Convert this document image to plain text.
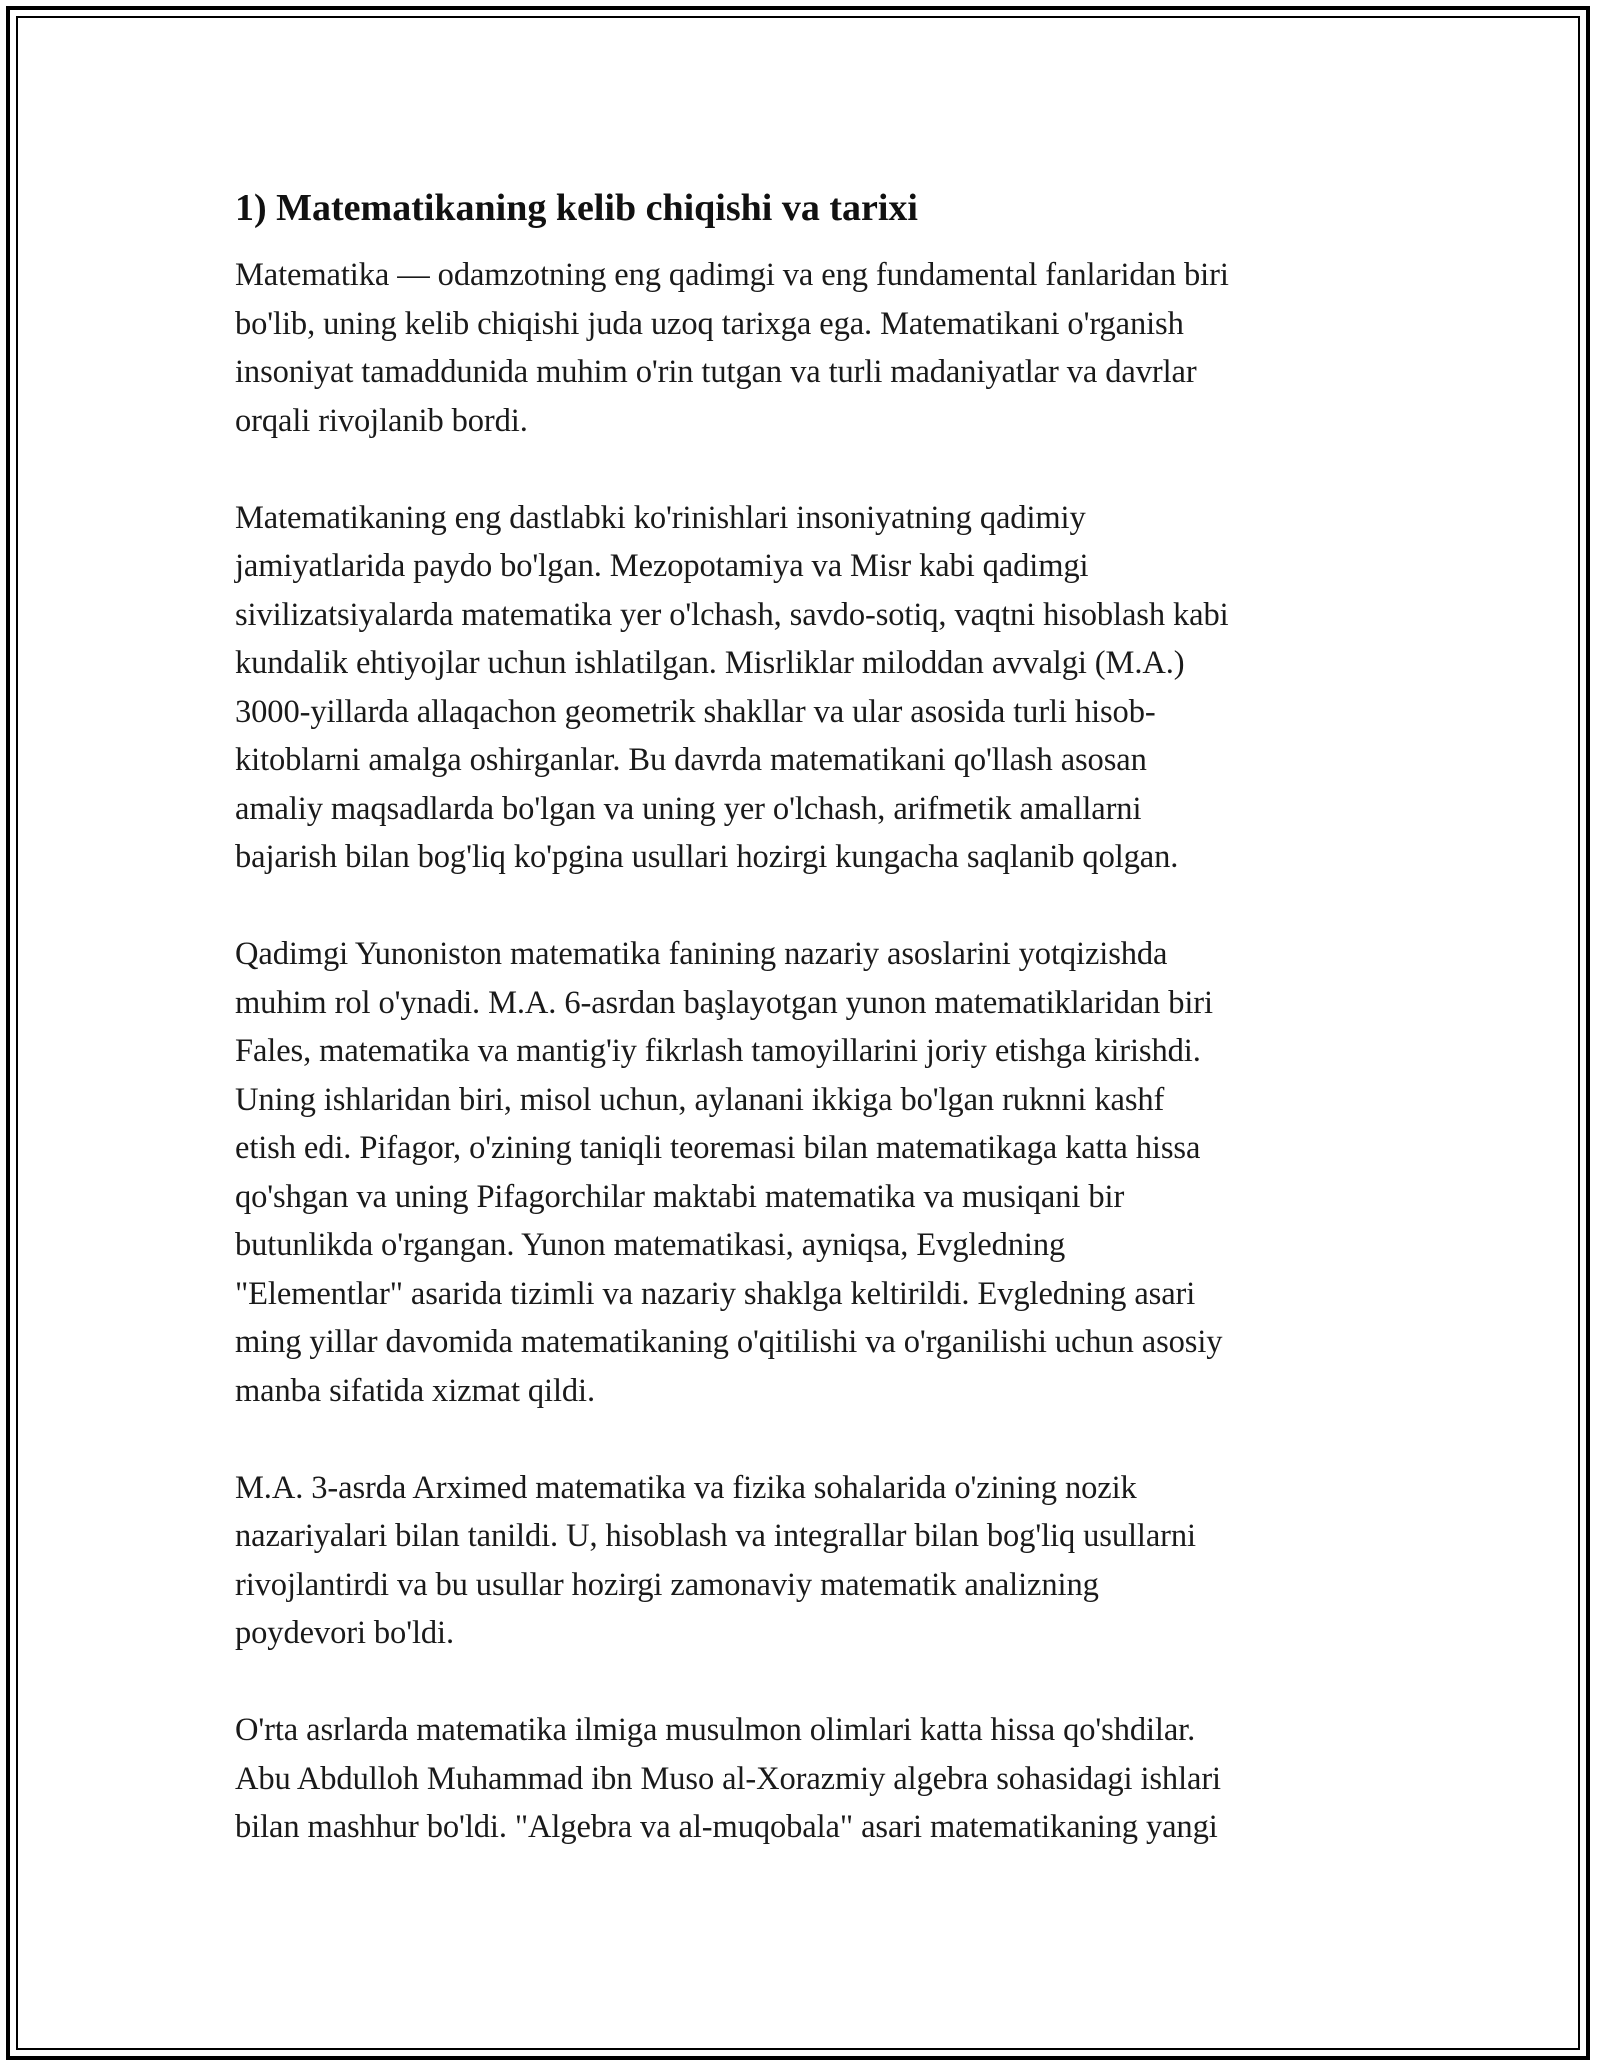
1) Matematikaning kelib chiqishi va tarixi
Matematika — odamzotning eng qadimgi va eng fundamental fanlaridan biri
bo'lib, uning kelib chiqishi juda uzoq tarixga ega. Matematikani o'rganish
insoniyat tamaddunida muhim o'rin tutgan va turli madaniyatlar va davrlar
orqali rivojlanib bordi.
Matematikaning eng dastlabki ko'rinishlari insoniyatning qadimiy
jamiyatlarida paydo bo'lgan. Mezopotamiya va Misr kabi qadimgi
sivilizatsiyalarda matematika yer o'lchash, savdo-sotiq, vaqtni hisoblash kabi
kundalik ehtiyojlar uchun ishlatilgan. Misrliklar miloddan avvalgi (M.A.)
3000-yillarda allaqachon geometrik shakllar va ular asosida turli hisob-
kitoblarni amalga oshirganlar. Bu davrda matematikani qo'llash asosan
amaliy maqsadlarda bo'lgan va uning yer o'lchash, arifmetik amallarni
bajarish bilan bog'liq ko'pgina usullari hozirgi kungacha saqlanib qolgan.
Qadimgi Yunoniston matematika fanining nazariy asoslarini yotqizishda
muhim rol o'ynadi. M.A. 6-asrdan başlayotgan yunon matematiklaridan biri
Fales, matematika va mantig'iy fikrlash tamoyillarini joriy etishga kirishdi.
Uning ishlaridan biri, misol uchun, aylanani ikkiga bo'lgan ruknni kashf
etish edi. Pifagor, o'zining taniqli teoremasi bilan matematikaga katta hissa
qo'shgan va uning Pifagorchilar maktabi matematika va musiqani bir
butunlikda o'rgangan. Yunon matematikasi, ayniqsa, Evgledning
"Elementlar" asarida tizimli va nazariy shaklga keltirildi. Evgledning asari
ming yillar davomida matematikaning o'qitilishi va o'rganilishi uchun asosiy
manba sifatida xizmat qildi.
M.A. 3-asrda Arximed matematika va fizika sohalarida o'zining nozik
nazariyalari bilan tanildi. U, hisoblash va integrallar bilan bog'liq usullarni
rivojlantirdi va bu usullar hozirgi zamonaviy matematik analizning
poydevori bo'ldi.
O'rta asrlarda matematika ilmiga musulmon olimlari katta hissa qo'shdilar.
Abu Abdulloh Muhammad ibn Muso al-Xorazmiy algebra sohasidagi ishlari
bilan mashhur bo'ldi. "Algebra va al-muqobala" asari matematikaning yangi
